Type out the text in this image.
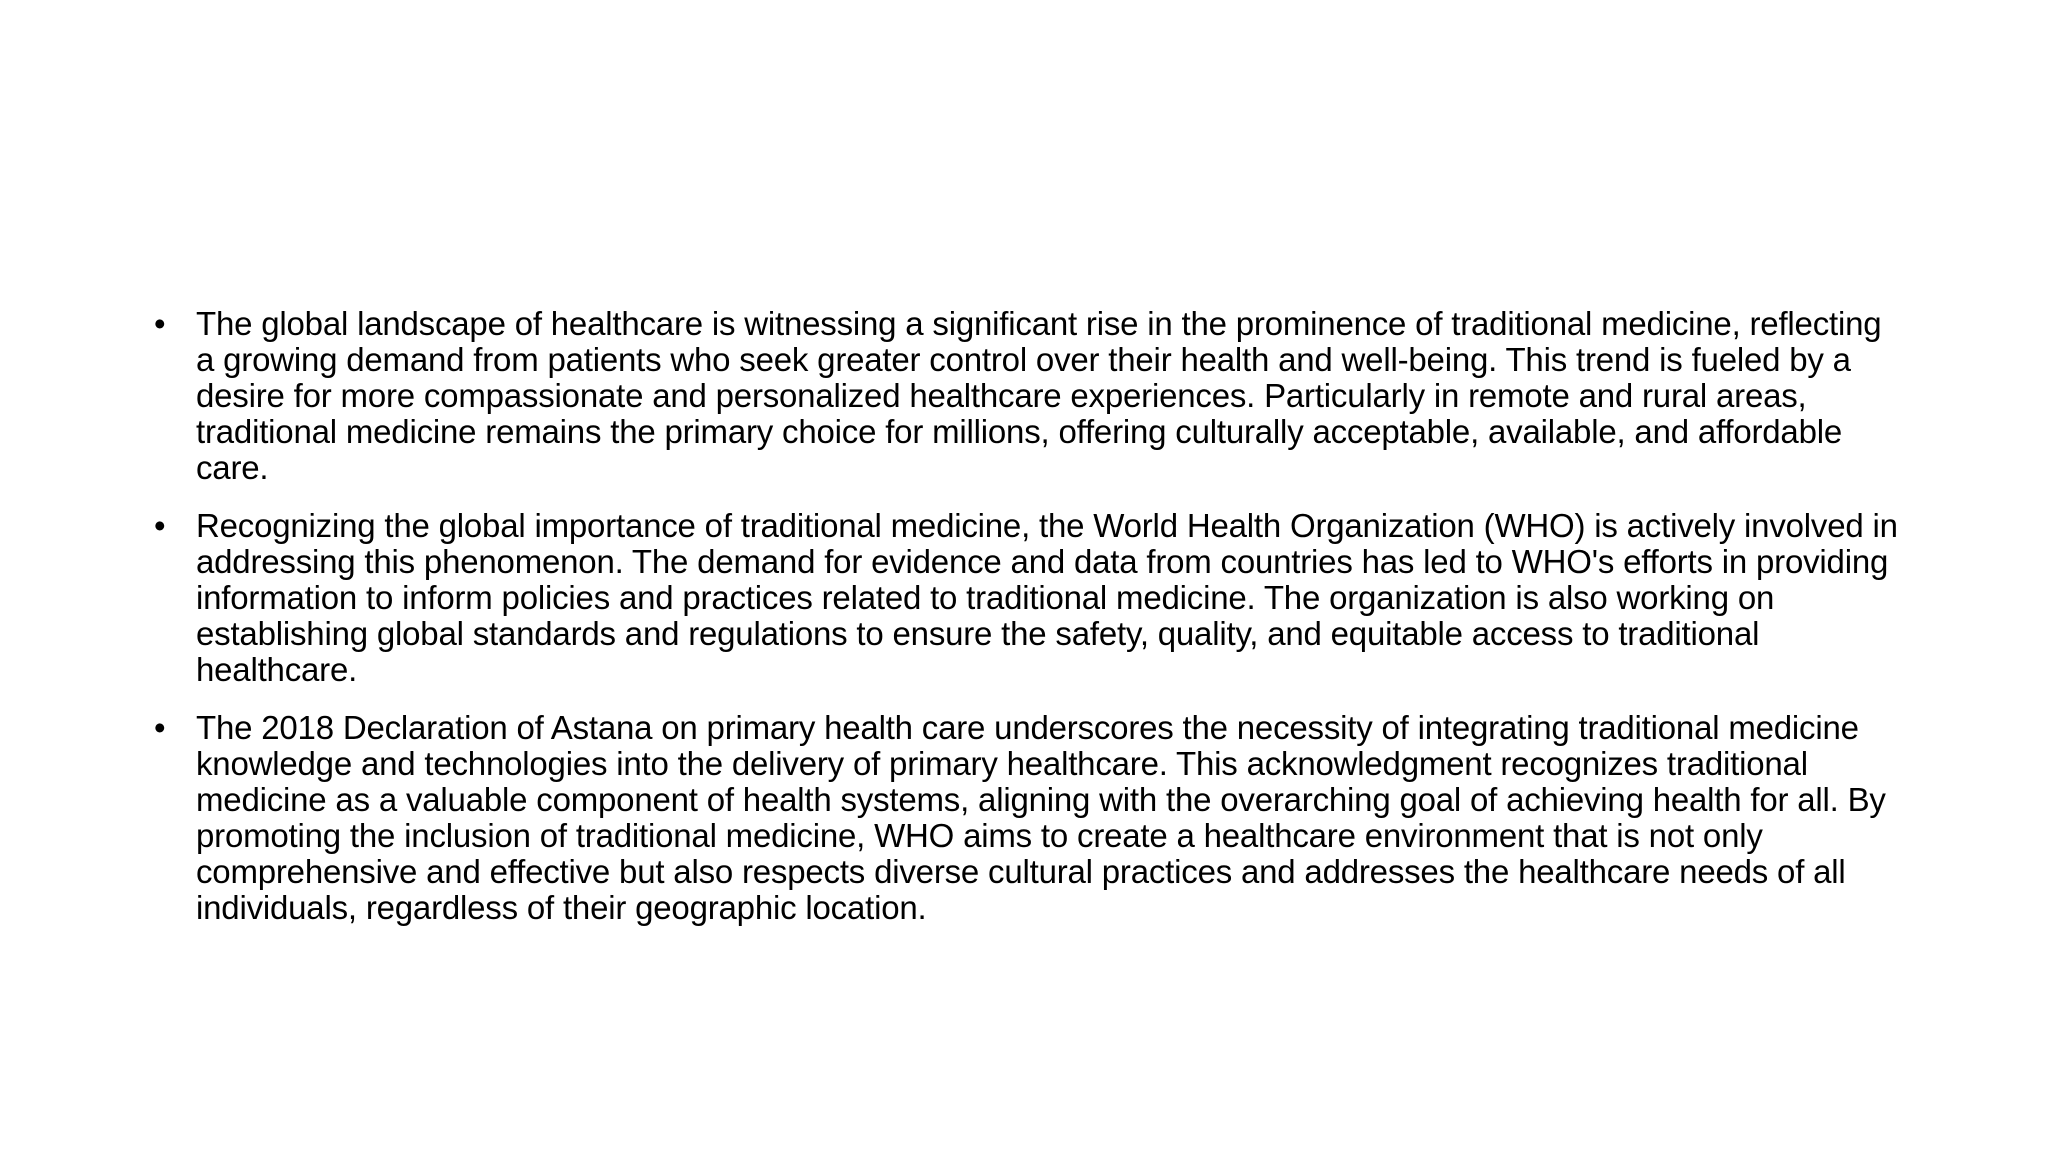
• The global landscape of healthcare is witnessing a significant rise in the prominence of traditional medicine, reflecting a growing demand from patients who seek greater control over their health and well-being. This trend is fueled by a desire for more compassionate and personalized healthcare experiences. Particularly in remote and rural areas, traditional medicine remains the primary choice for millions, offering culturally acceptable, available, and affordable care.
• Recognizing the global importance of traditional medicine, the World Health Organization (WHO) is actively involved in addressing this phenomenon. The demand for evidence and data from countries has led to WHO's efforts in providing information to inform policies and practices related to traditional medicine. The organization is also working on establishing global standards and regulations to ensure the safety, quality, and equitable access to traditional healthcare.
• The 2018 Declaration of Astana on primary health care underscores the necessity of integrating traditional medicine knowledge and technologies into the delivery of primary healthcare. This acknowledgment recognizes traditional medicine as a valuable component of health systems, aligning with the overarching goal of achieving health for all. By promoting the inclusion of traditional medicine, WHO aims to create a healthcare environment that is not only comprehensive and effective but also respects diverse cultural practices and addresses the healthcare needs of all individuals, regardless of their geographic location.
